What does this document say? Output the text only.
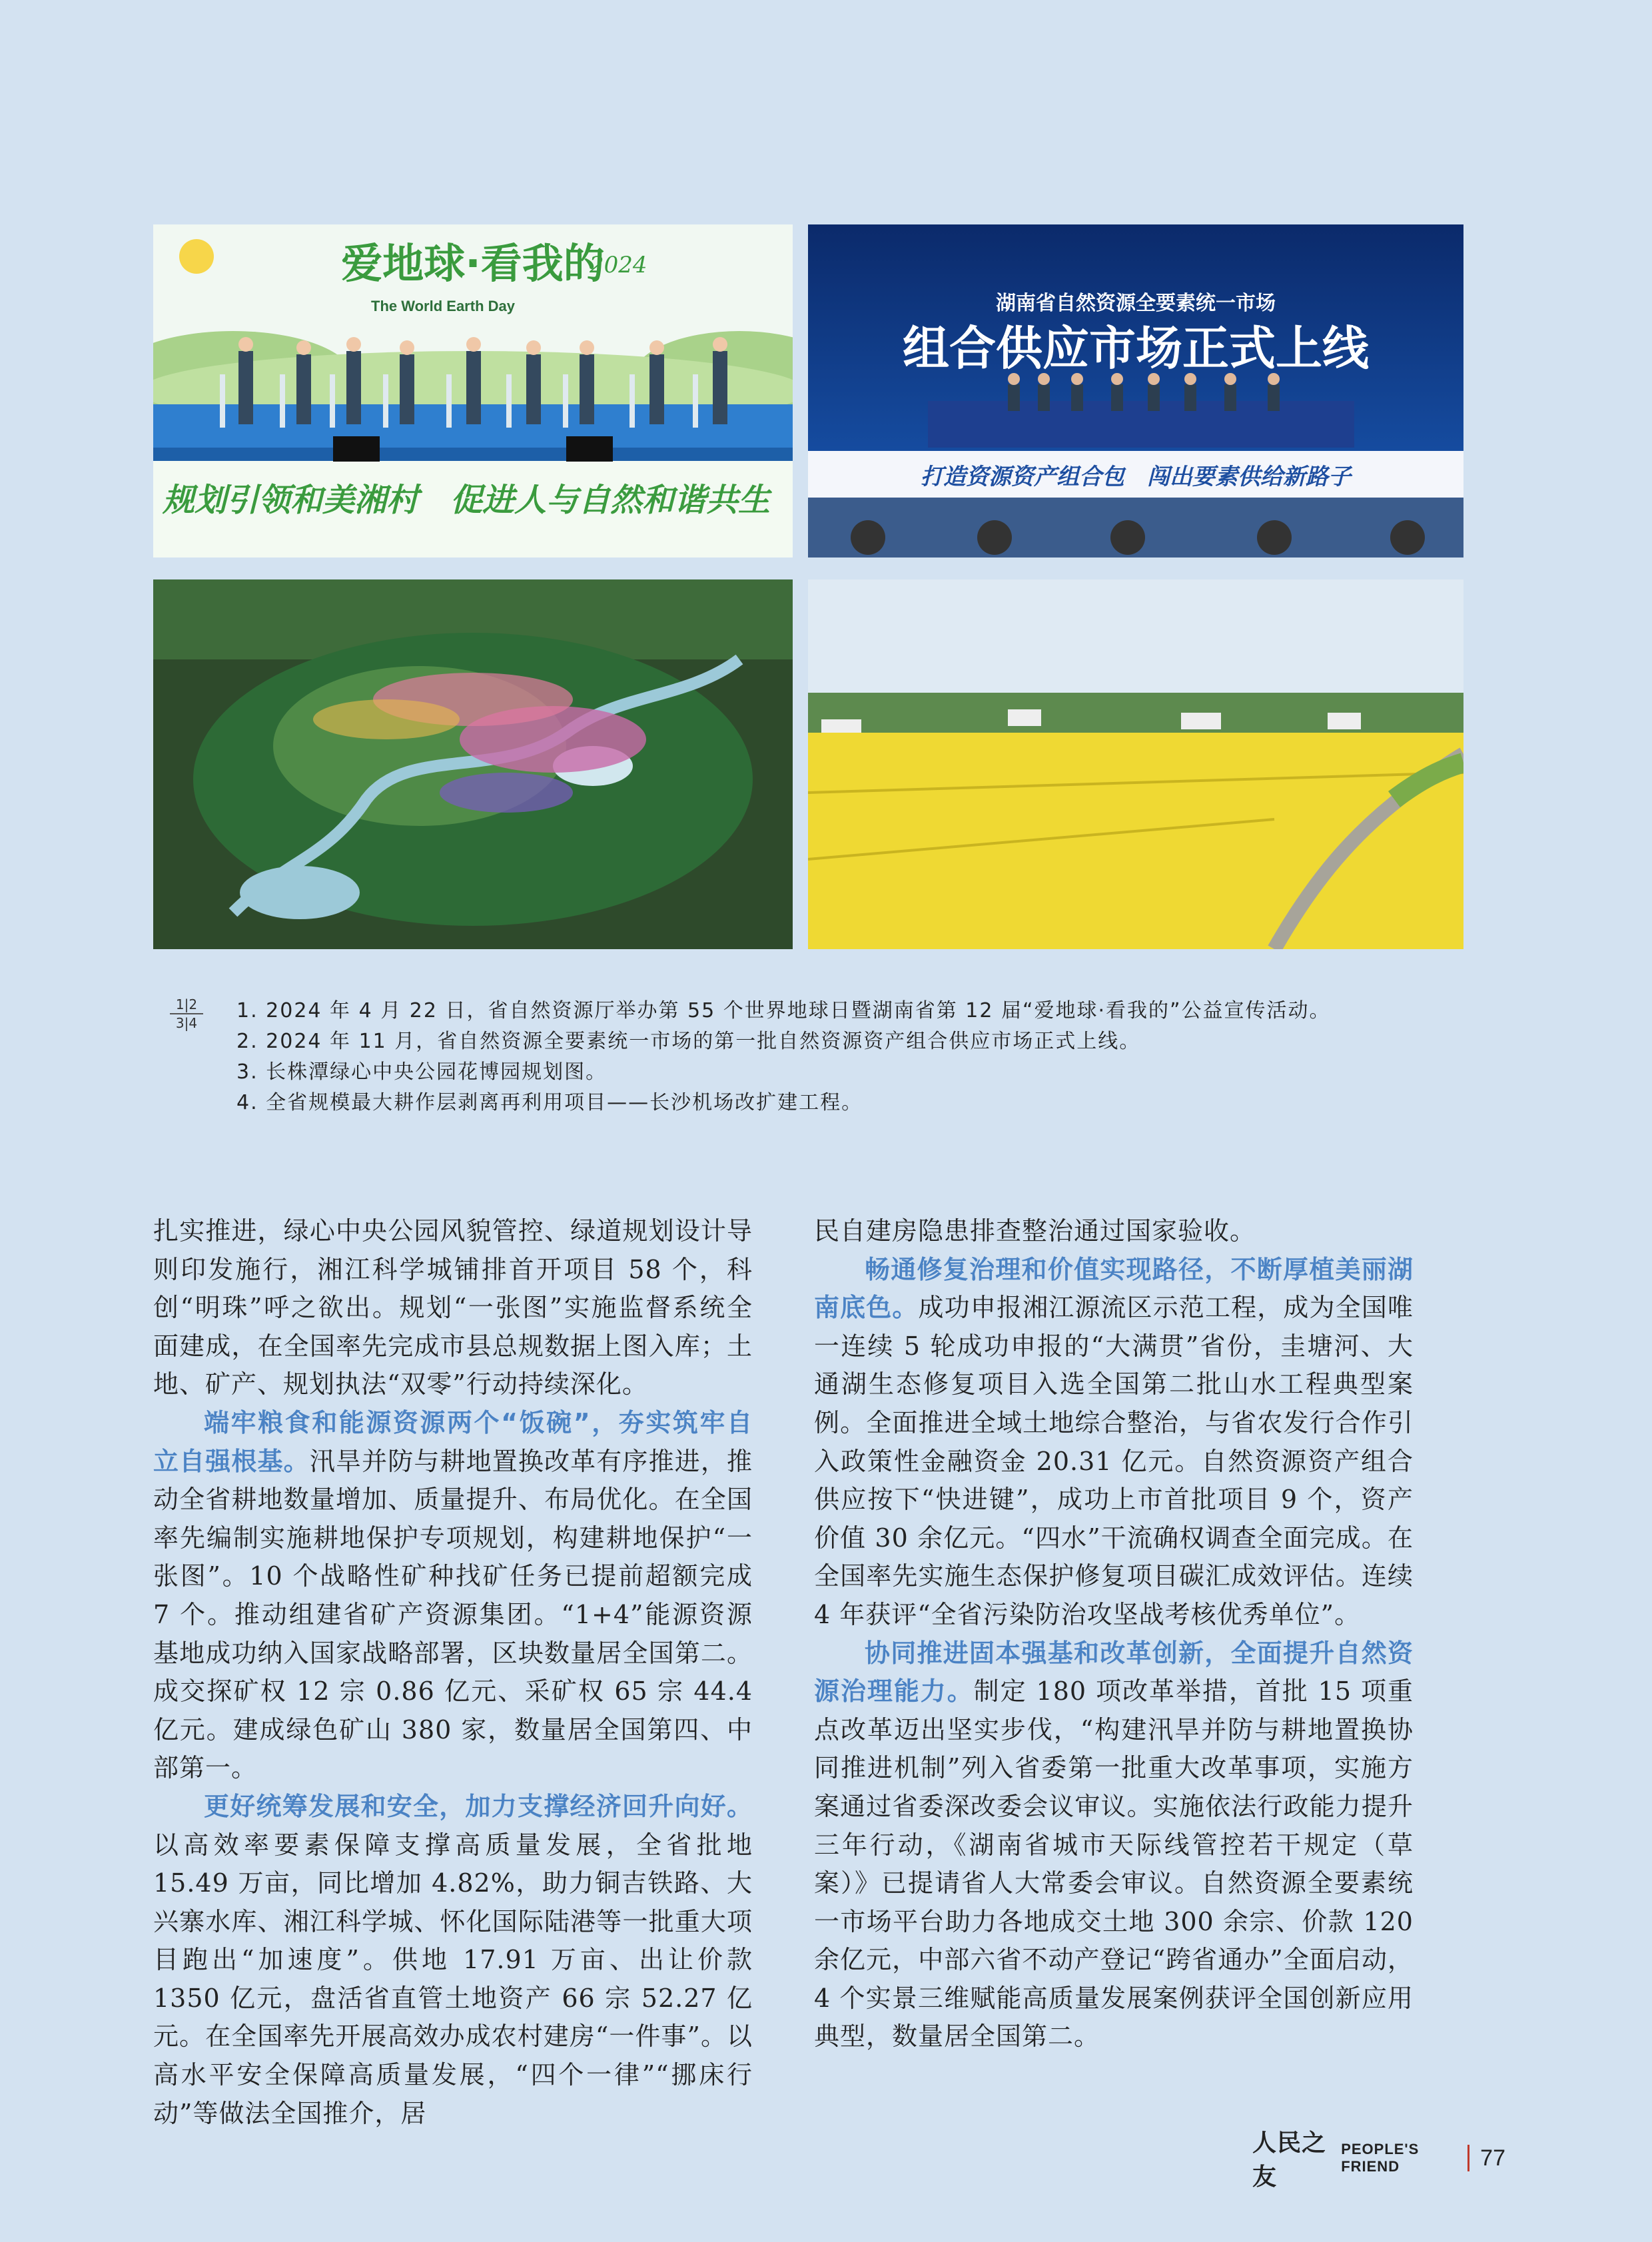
爱地球·看我的
2024
The World Earth Day
规划引领和美湘村　促进人与自然和谐共生
湖南省自然资源全要素统一市场
组合供应市场正式上线
打造资源资产组合包　闯出要素供给新路子
1|2
3|4
1. 2024 年 4 月 22 日，省自然资源厅举办第 55 个世界地球日暨湖南省第 12 届“爱地球·看我的”公益宣传活动。
2. 2024 年 11 月，省自然资源全要素统一市场的第一批自然资源资产组合供应市场正式上线。
3. 长株潭绿心中央公园花博园规划图。
4. 全省规模最大耕作层剥离再利用项目——长沙机场改扩建工程。

扎实推进，绿心中央公园风貌管控、绿道规划设计导则印发施行，湘江科学城铺排首开项目 58 个，科创“明珠”呼之欲出。规划“一张图”实施监督系统全面建成，在全国率先完成市县总规数据上图入库；土地、矿产、规划执法“双零”行动持续深化。

端牢粮食和能源资源两个“饭碗”，夯实筑牢自立自强根基。汛旱并防与耕地置换改革有序推进，推动全省耕地数量增加、质量提升、布局优化。在全国率先编制实施耕地保护专项规划，构建耕地保护“一张图”。10 个战略性矿种找矿任务已提前超额完成 7 个。推动组建省矿产资源集团。“1+4”能源资源基地成功纳入国家战略部署，区块数量居全国第二。成交探矿权 12 宗 0.86 亿元、采矿权 65 宗 44.4 亿元。建成绿色矿山 380 家，数量居全国第四、中部第一。

更好统筹发展和安全，加力支撑经济回升向好。以高效率要素保障支撑高质量发展，全省批地 15.49 万亩，同比增加 4.82%，助力铜吉铁路、大兴寨水库、湘江科学城、怀化国际陆港等一批重大项目跑出“加速度”。供地 17.91 万亩、出让价款 1350 亿元，盘活省直管土地资产 66 宗 52.27 亿元。在全国率先开展高效办成农村建房“一件事”。以高水平安全保障高质量发展，“四个一律”“挪床行动”等做法全国推介，居

民自建房隐患排查整治通过国家验收。

畅通修复治理和价值实现路径，不断厚植美丽湖南底色。成功申报湘江源流区示范工程，成为全国唯一连续 5 轮成功申报的“大满贯”省份，圭塘河、大通湖生态修复项目入选全国第二批山水工程典型案例。全面推进全域土地综合整治，与省农发行合作引入政策性金融资金 20.31 亿元。自然资源资产组合供应按下“快进键”，成功上市首批项目 9 个，资产价值 30 余亿元。“四水”干流确权调查全面完成。在全国率先实施生态保护修复项目碳汇成效评估。连续 4 年获评“全省污染防治攻坚战考核优秀单位”。

协同推进固本强基和改革创新，全面提升自然资源治理能力。制定 180 项改革举措，首批 15 项重点改革迈出坚实步伐，“构建汛旱并防与耕地置换协同推进机制”列入省委第一批重大改革事项，实施方案通过省委深改委会议审议。实施依法行政能力提升三年行动，《湖南省城市天际线管控若干规定（草案）》已提请省人大常委会审议。自然资源全要素统一市场平台助力各地成交土地 300 余宗、价款 120 余亿元，中部六省不动产登记“跨省通办”全面启动，4 个实景三维赋能高质量发展案例获评全国创新应用典型，数量居全国第二。

人民之友
PEOPLE'S FRIEND	77
